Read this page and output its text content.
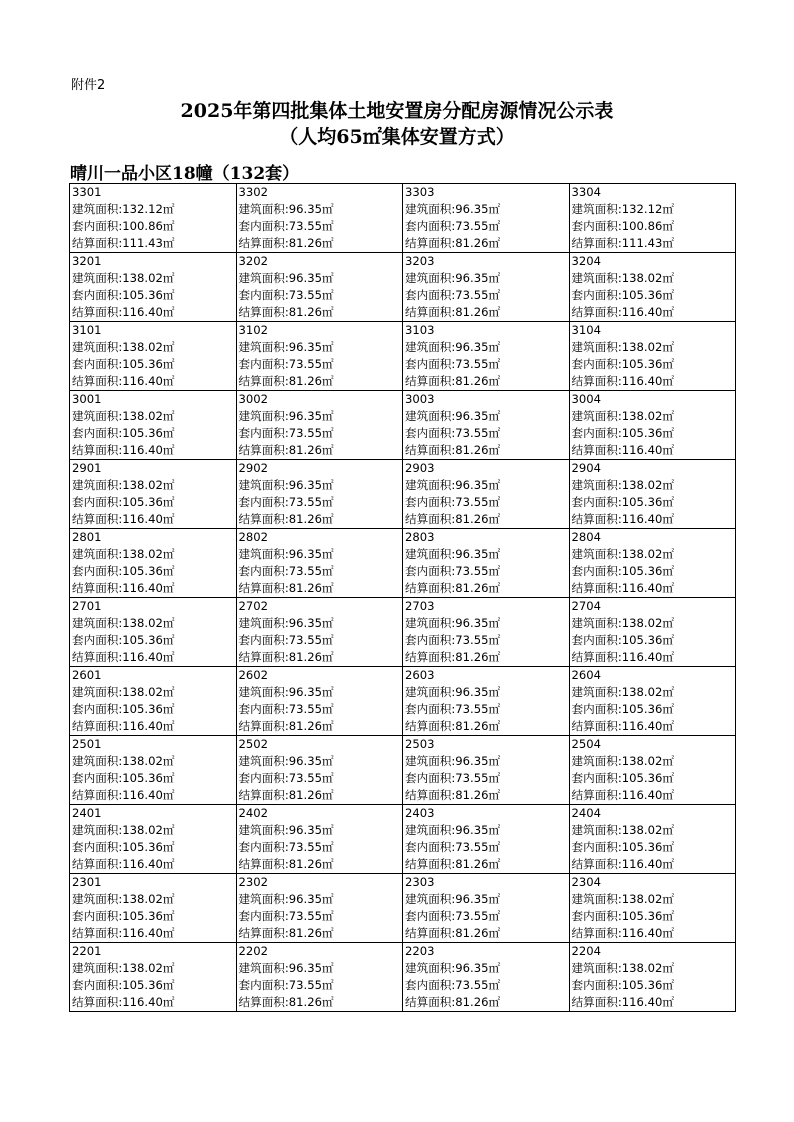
附件2
2025年第四批集体土地安置房分配房源情况公示表
（人均65㎡集体安置方式）
晴川一品小区18幢（132套）
3301
建筑面积:132.12㎡
套内面积:100.86㎡
结算面积:111.43㎡	3302
建筑面积:96.35㎡
套内面积:73.55㎡
结算面积:81.26㎡	3303
建筑面积:96.35㎡
套内面积:73.55㎡
结算面积:81.26㎡	3304
建筑面积:132.12㎡
套内面积:100.86㎡
结算面积:111.43㎡

3201
建筑面积:138.02㎡
套内面积:105.36㎡
结算面积:116.40㎡	3202
建筑面积:96.35㎡
套内面积:73.55㎡
结算面积:81.26㎡	3203
建筑面积:96.35㎡
套内面积:73.55㎡
结算面积:81.26㎡	3204
建筑面积:138.02㎡
套内面积:105.36㎡
结算面积:116.40㎡

3101
建筑面积:138.02㎡
套内面积:105.36㎡
结算面积:116.40㎡	3102
建筑面积:96.35㎡
套内面积:73.55㎡
结算面积:81.26㎡	3103
建筑面积:96.35㎡
套内面积:73.55㎡
结算面积:81.26㎡	3104
建筑面积:138.02㎡
套内面积:105.36㎡
结算面积:116.40㎡

3001
建筑面积:138.02㎡
套内面积:105.36㎡
结算面积:116.40㎡	3002
建筑面积:96.35㎡
套内面积:73.55㎡
结算面积:81.26㎡	3003
建筑面积:96.35㎡
套内面积:73.55㎡
结算面积:81.26㎡	3004
建筑面积:138.02㎡
套内面积:105.36㎡
结算面积:116.40㎡

2901
建筑面积:138.02㎡
套内面积:105.36㎡
结算面积:116.40㎡	2902
建筑面积:96.35㎡
套内面积:73.55㎡
结算面积:81.26㎡	2903
建筑面积:96.35㎡
套内面积:73.55㎡
结算面积:81.26㎡	2904
建筑面积:138.02㎡
套内面积:105.36㎡
结算面积:116.40㎡

2801
建筑面积:138.02㎡
套内面积:105.36㎡
结算面积:116.40㎡	2802
建筑面积:96.35㎡
套内面积:73.55㎡
结算面积:81.26㎡	2803
建筑面积:96.35㎡
套内面积:73.55㎡
结算面积:81.26㎡	2804
建筑面积:138.02㎡
套内面积:105.36㎡
结算面积:116.40㎡

2701
建筑面积:138.02㎡
套内面积:105.36㎡
结算面积:116.40㎡	2702
建筑面积:96.35㎡
套内面积:73.55㎡
结算面积:81.26㎡	2703
建筑面积:96.35㎡
套内面积:73.55㎡
结算面积:81.26㎡	2704
建筑面积:138.02㎡
套内面积:105.36㎡
结算面积:116.40㎡

2601
建筑面积:138.02㎡
套内面积:105.36㎡
结算面积:116.40㎡	2602
建筑面积:96.35㎡
套内面积:73.55㎡
结算面积:81.26㎡	2603
建筑面积:96.35㎡
套内面积:73.55㎡
结算面积:81.26㎡	2604
建筑面积:138.02㎡
套内面积:105.36㎡
结算面积:116.40㎡

2501
建筑面积:138.02㎡
套内面积:105.36㎡
结算面积:116.40㎡	2502
建筑面积:96.35㎡
套内面积:73.55㎡
结算面积:81.26㎡	2503
建筑面积:96.35㎡
套内面积:73.55㎡
结算面积:81.26㎡	2504
建筑面积:138.02㎡
套内面积:105.36㎡
结算面积:116.40㎡

2401
建筑面积:138.02㎡
套内面积:105.36㎡
结算面积:116.40㎡	2402
建筑面积:96.35㎡
套内面积:73.55㎡
结算面积:81.26㎡	2403
建筑面积:96.35㎡
套内面积:73.55㎡
结算面积:81.26㎡	2404
建筑面积:138.02㎡
套内面积:105.36㎡
结算面积:116.40㎡

2301
建筑面积:138.02㎡
套内面积:105.36㎡
结算面积:116.40㎡	2302
建筑面积:96.35㎡
套内面积:73.55㎡
结算面积:81.26㎡	2303
建筑面积:96.35㎡
套内面积:73.55㎡
结算面积:81.26㎡	2304
建筑面积:138.02㎡
套内面积:105.36㎡
结算面积:116.40㎡

2201
建筑面积:138.02㎡
套内面积:105.36㎡
结算面积:116.40㎡	2202
建筑面积:96.35㎡
套内面积:73.55㎡
结算面积:81.26㎡	2203
建筑面积:96.35㎡
套内面积:73.55㎡
结算面积:81.26㎡	2204
建筑面积:138.02㎡
套内面积:105.36㎡
结算面积:116.40㎡
